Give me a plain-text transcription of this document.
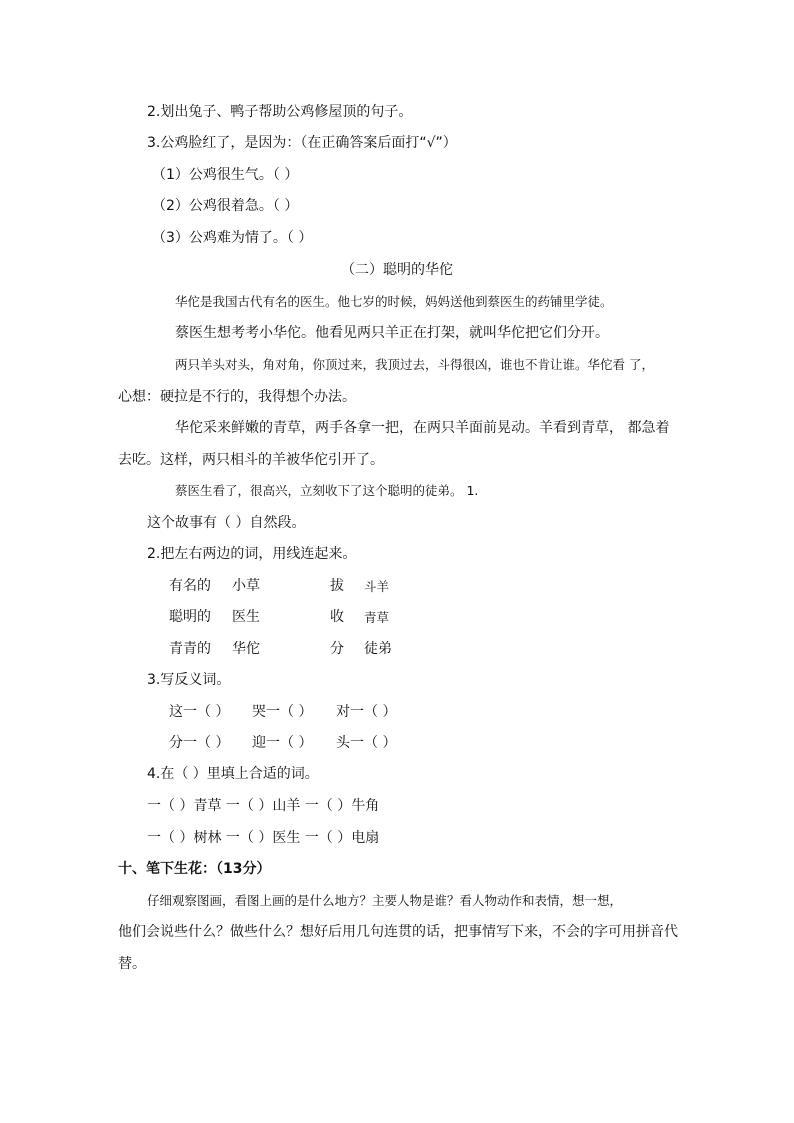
2.划出兔子、鸭子帮助公鸡修屋顶的句子。
3.公鸡脸红了，是因为：（在正确答案后面打“√”）
（1）公鸡很生气。（ ）
（2）公鸡很着急。（ ）
（3）公鸡难为情了。（ ）
（二）聪明的华佗
华佗是我国古代有名的医生。他七岁的时候，妈妈送他到蔡医生的药铺里学徒。
蔡医生想考考小华佗。他看见两只羊正在打架，就叫华佗把它们分开。
两只羊头对头，角对角，你顶过来，我顶过去，斗得很凶，谁也不肯让谁。华佗看 了，
心想：硬拉是不行的，我得想个办法。
华佗采来鲜嫩的青草，两手各拿一把，在两只羊面前晃动。羊看到青草， 都急着
去吃。这样，两只相斗的羊被华佗引开了。
蔡医生看了，很高兴，立刻收下了这个聪明的徒弟。 1.
这个故事有（ ）自然段。
2.把左右两边的词，用线连起来。
有名的 小草	拔 斗羊
聪明的 医生	收 青草
青青的 华佗	分 徒弟
3.写反义词。
这一（ ） 哭一（ ） 对一（ ）
分一（ ） 迎一（ ） 头一（ ）
4.在（ ）里填上合适的词。
一（ ）青草 一（ ）山羊 一（ ）牛角
一（ ）树林 一（ ）医生 一（ ）电扇
十、笔下生花：（13分）
仔细观察图画，看图上画的是什么地方？主要人物是谁？看人物动作和表情，想一想，
他们会说些什么？做些什么？想好后用几句连贯的话，把事情写下来，不会的字可用拼音代
替。
